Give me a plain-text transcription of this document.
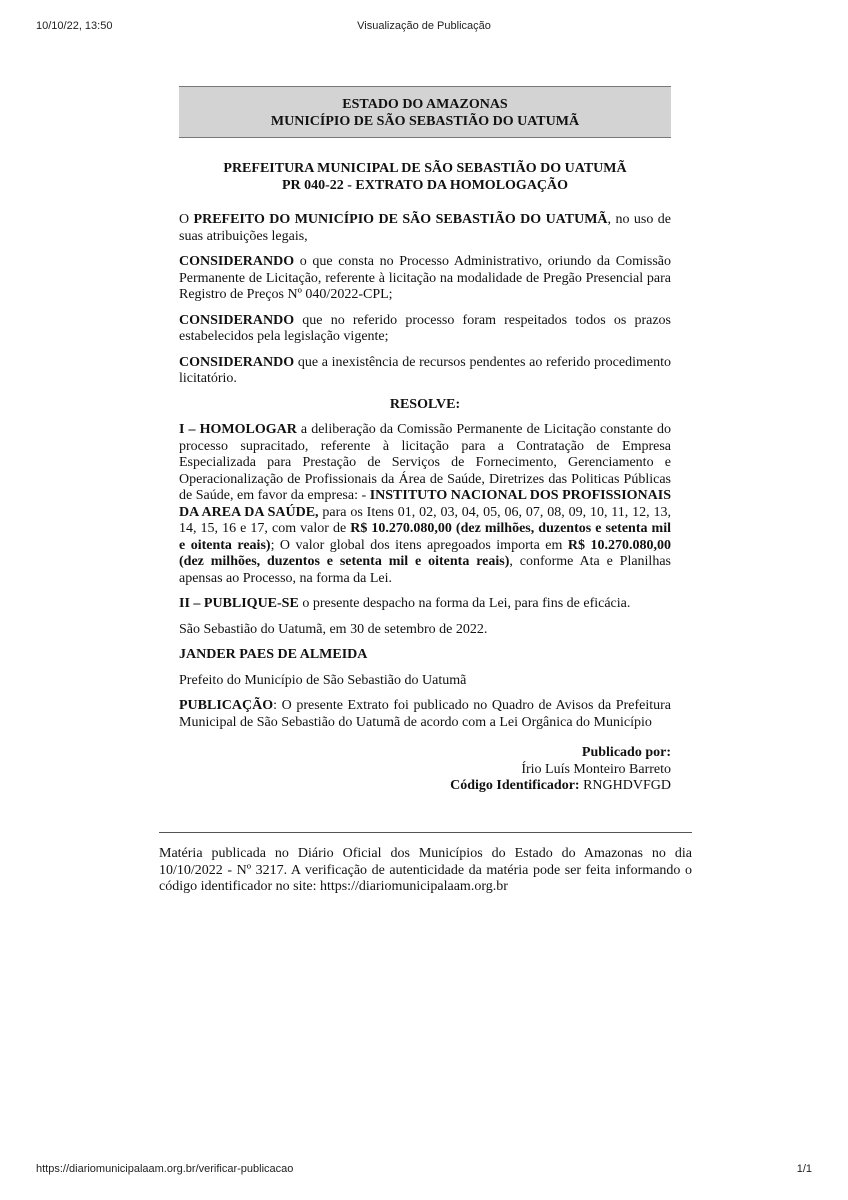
10/10/22, 13:50	Visualização de Publicação
ESTADO DO AMAZONAS
MUNICÍPIO DE SÃO SEBASTIÃO DO UATUMÃ
PREFEITURA MUNICIPAL DE SÃO SEBASTIÃO DO UATUMÃ
PR 040-22 - EXTRATO DA HOMOLOGAÇÃO

O PREFEITO DO MUNICÍPIO DE SÃO SEBASTIÃO DO UATUMÃ, no uso de suas atribuições legais,

CONSIDERANDO o que consta no Processo Administrativo, oriundo da Comissão Permanente de Licitação, referente à licitação na modalidade de Pregão Presencial para Registro de Preços Nº 040/2022-CPL;

CONSIDERANDO que no referido processo foram respeitados todos os prazos estabelecidos pela legislação vigente;

CONSIDERANDO que a inexistência de recursos pendentes ao referido procedimento licitatório.

RESOLVE:

I – HOMOLOGAR a deliberação da Comissão Permanente de Licitação constante do processo supracitado, referente à licitação para a Contratação de Empresa Especializada para Prestação de Serviços de Fornecimento, Gerenciamento e Operacionalização de Profissionais da Área de Saúde, Diretrizes das Politicas Públicas de Saúde, em favor da empresa: - INSTITUTO NACIONAL DOS PROFISSIONAIS DA AREA DA SAÚDE, para os Itens 01, 02, 03, 04, 05, 06, 07, 08, 09, 10, 11, 12, 13, 14, 15, 16 e 17, com valor de R$ 10.270.080,00 (dez milhões, duzentos e setenta mil e oitenta reais); O valor global dos itens apregoados importa em R$ 10.270.080,00 (dez milhões, duzentos e setenta mil e oitenta reais), conforme Ata e Planilhas apensas ao Processo, na forma da Lei.

II – PUBLIQUE-SE o presente despacho na forma da Lei, para fins de eficácia.

São Sebastião do Uatumã, em 30 de setembro de 2022.

JANDER PAES DE ALMEIDA

Prefeito do Município de São Sebastião do Uatumã

PUBLICAÇÃO: O presente Extrato foi publicado no Quadro de Avisos da Prefeitura Municipal de São Sebastião do Uatumã de acordo com a Lei Orgânica do Município

Publicado por:
Írio Luís Monteiro Barreto
Código Identificador: RNGHDVFGD
Matéria publicada no Diário Oficial dos Municípios do Estado do Amazonas no dia 10/10/2022 - Nº 3217. A verificação de autenticidade da matéria pode ser feita informando o código identificador no site: https://diariomunicipalaam.org.br
https://diariomunicipalaam.org.br/verificar-publicacao	1/1
